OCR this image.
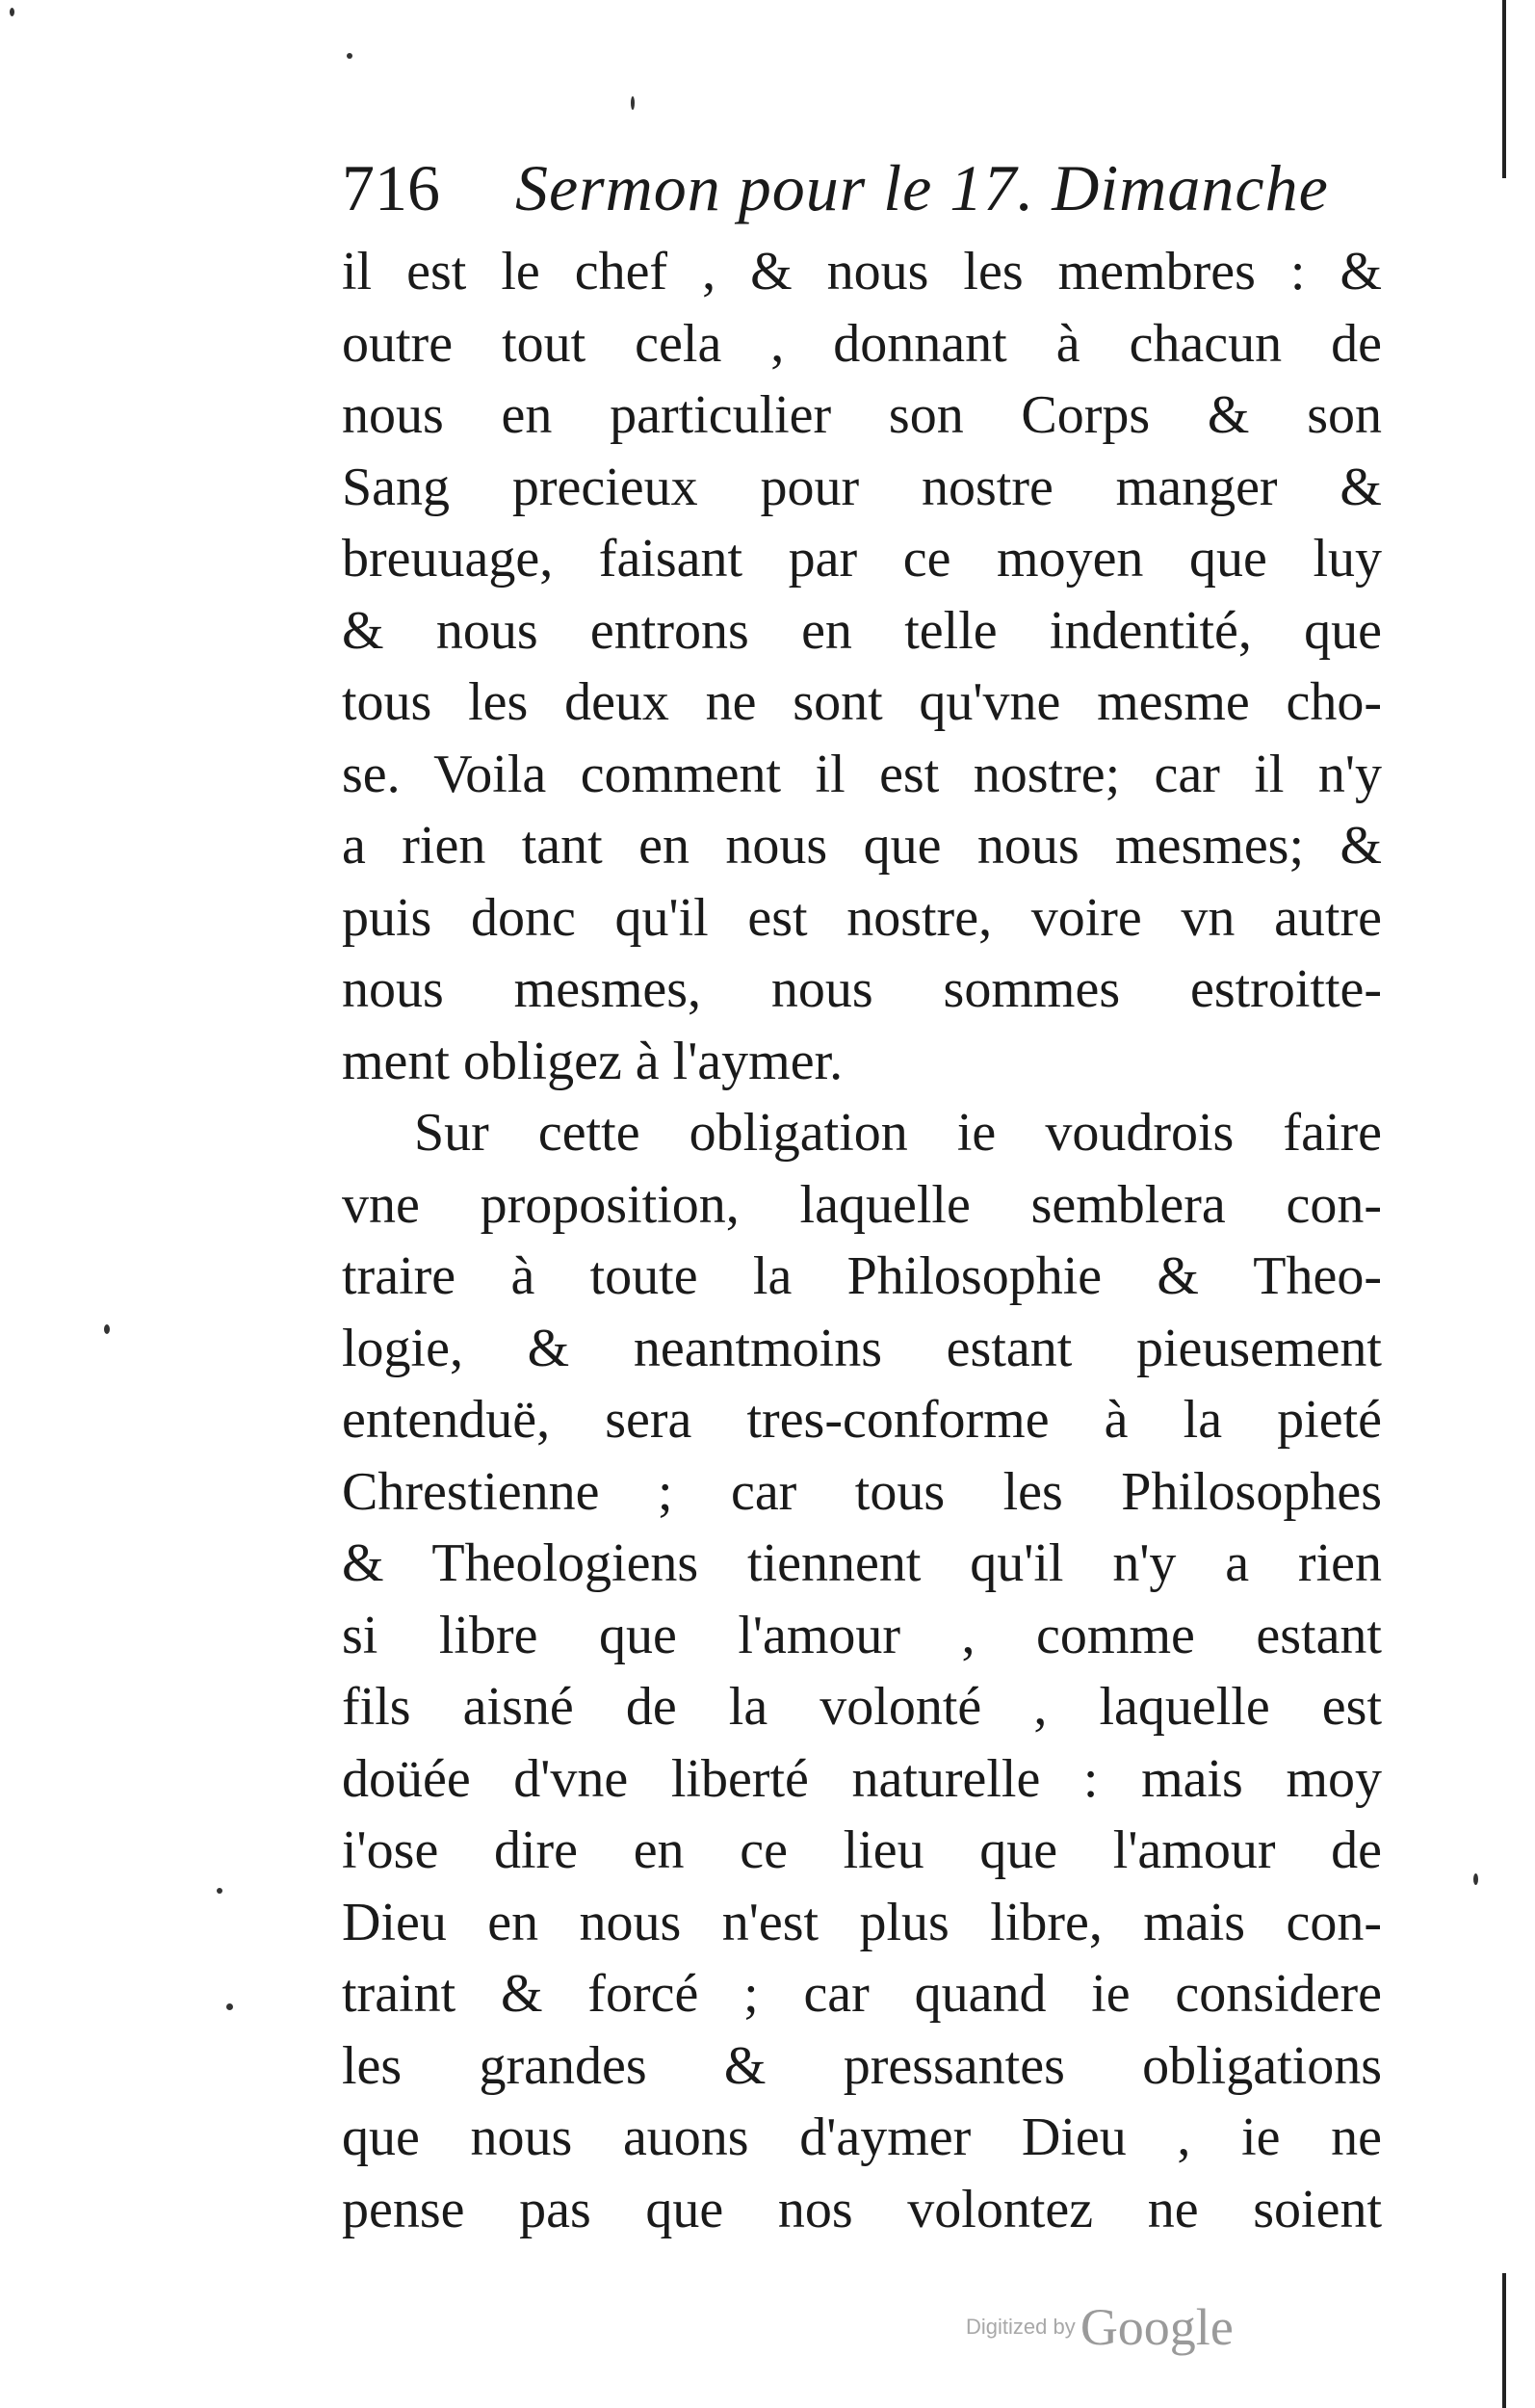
716 Sermon pour le 17. Dimanche
il est le chef , & nous les membres : &
outre tout cela , donnant à chacun de
nous en particulier son Corps & son
Sang precieux pour nostre manger &
breuuage, faisant par ce moyen que luy
& nous entrons en telle indentité, que
tous les deux ne sont qu'vne mesme cho-
se. Voila comment il est nostre; car il n'y
a rien tant en nous que nous mesmes; &
puis donc qu'il est nostre, voire vn autre
nous mesmes, nous sommes estroitte-
ment obligez à l'aymer.
Sur cette obligation ie voudrois faire
vne proposition, laquelle semblera con-
traire à toute la Philosophie & Theo-
logie, & neantmoins estant pieusement
entenduë, sera tres-conforme à la pieté
Chrestienne ; car tous les Philosophes
& Theologiens tiennent qu'il n'y a rien
si libre que l'amour , comme estant
fils aisné de la volonté , laquelle est
doüée d'vne liberté naturelle : mais moy
i'ose dire en ce lieu que l'amour de
Dieu en nous n'est plus libre, mais con-
traint & forcé ; car quand ie considere
les grandes & pressantes obligations
que nous auons d'aymer Dieu , ie ne
pense pas que nos volontez ne soient
Digitized by Google
